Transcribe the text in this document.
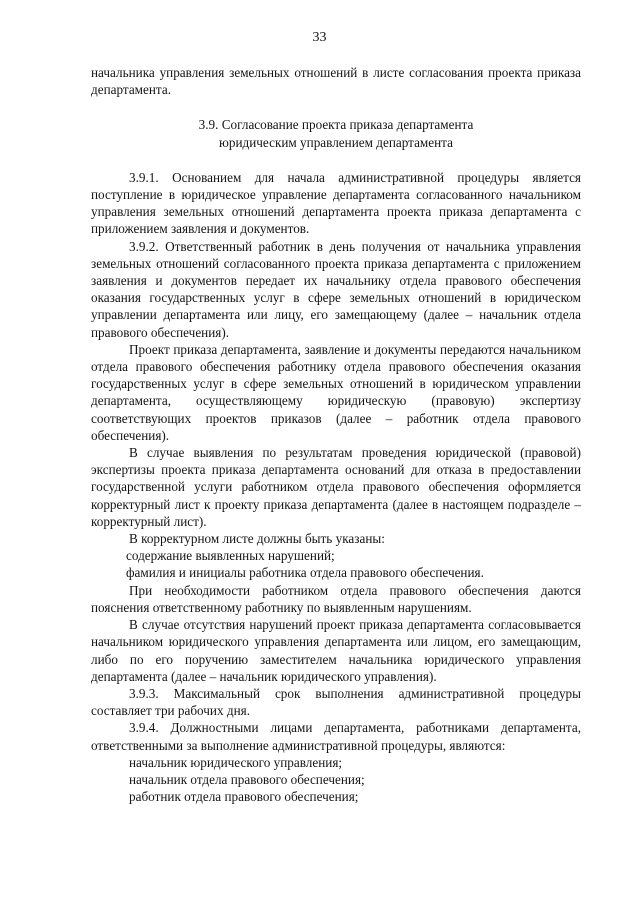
33

начальника управления земельных отношений в листе согласования проекта приказа департамента.

3.9. Согласование проекта приказа департамента
юридическим управлением департамента

3.9.1. Основанием для начала административной процедуры является поступление в юридическое управление департамента согласованного начальником управления земельных отношений департамента проекта приказа департамента с приложением заявления и документов.

3.9.2. Ответственный работник в день получения от начальника управления земельных отношений согласованного проекта приказа департамента с приложением заявления и документов передает их начальнику отдела правового обеспечения оказания государственных услуг в сфере земельных отношений в юридическом управлении департамента или лицу, его замещающему (далее – начальник отдела правового обеспечения).

Проект приказа департамента, заявление и документы передаются начальником отдела правового обеспечения работнику отдела правового обеспечения оказания государственных услуг в сфере земельных отношений в юридическом управлении департамента, осуществляющему юридическую (правовую) экспертизу соответствующих проектов приказов (далее – работник отдела правового обеспечения).

В случае выявления по результатам проведения юридической (правовой) экспертизы проекта приказа департамента оснований для отказа в предоставлении государственной услуги работником отдела правового обеспечения оформляется корректурный лист к проекту приказа департамента (далее в настоящем подразделе – корректурный лист).

В корректурном листе должны быть указаны:

содержание выявленных нарушений;

фамилия и инициалы работника отдела правового обеспечения.

При необходимости работником отдела правового обеспечения даются пояснения ответственному работнику по выявленным нарушениям.

В случае отсутствия нарушений проект приказа департамента согласовывается начальником юридического управления департамента или лицом, его замещающим, либо по его поручению заместителем начальника юридического управления департамента (далее – начальник юридического управления).

3.9.3. Максимальный срок выполнения административной процедуры составляет три рабочих дня.

3.9.4. Должностными лицами департамента, работниками департамента, ответственными за выполнение административной процедуры, являются:

начальник юридического управления;

начальник отдела правового обеспечения;

работник отдела правового обеспечения;
